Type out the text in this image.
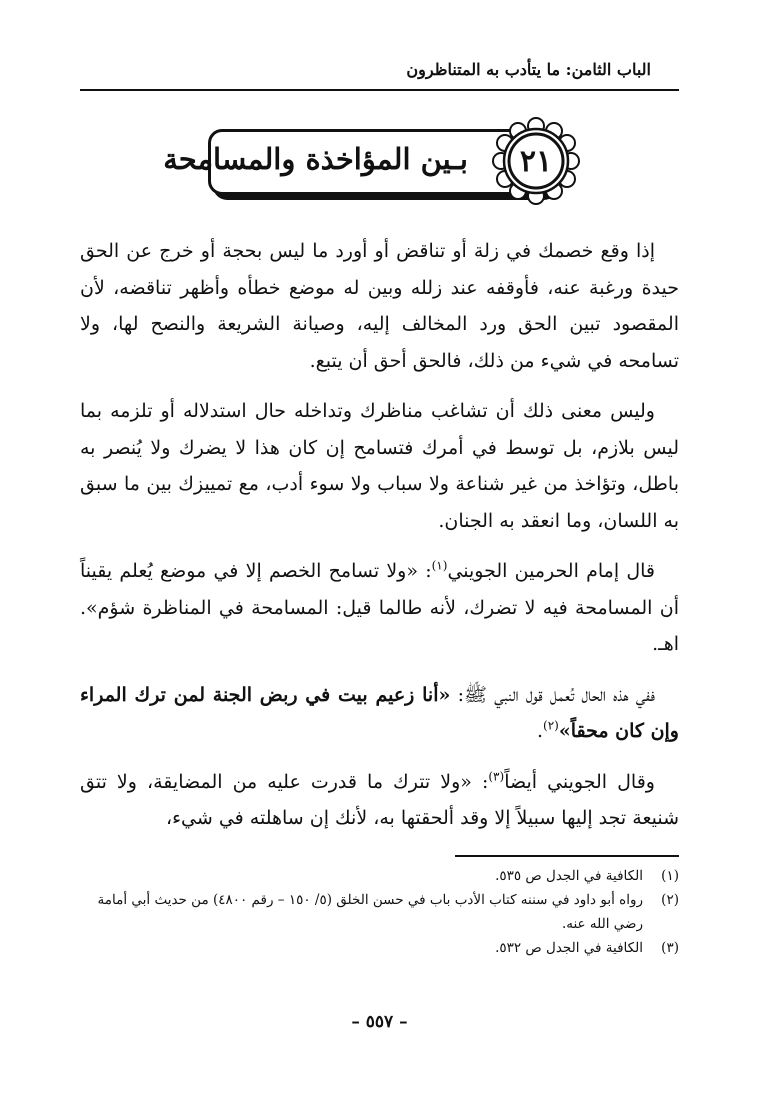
الباب الثامن: ما يتأدب به المتناظرون
بـين المؤاخذة والمسامحة	٢١

إذا وقع خصمك في زلة أو تناقض أو أورد ما ليس بحجة أو خرج عن الحق حيدة ورغبة عنه، فأوقفه عند زلله وبين له موضع خطأه وأظهر تناقضه، لأن المقصود تبين الحق ورد المخالف إليه، وصيانة الشريعة والنصح لها، ولا تسامحه في شيء من ذلك، فالحق أحق أن يتبع.

وليس معنى ذلك أن تشاغب مناظرك وتداخله حال استدلاله أو تلزمه بما ليس بلازم، بل توسط في أمرك فتسامح إن كان هذا لا يضرك ولا يُنصر به باطل، وتؤاخذ من غير شناعة ولا سباب ولا سوء أدب، مع تمييزك بين ما سبق به اللسان، وما انعقد به الجنان.

قال إمام الحرمين الجويني$^{(١)}$: «ولا تسامح الخصم إلا في موضع يُعلم يقيناً أن المسامحة فيه لا تضرك، لأنه طالما قيل: المسامحة في المناظرة شؤم». اهـ.

ففي هذه الحال تُعمل قول النبي ﷺ: «أنا زعيم بيت في ربض الجنة لمن ترك المراء وإن كان محقاً»$^{(٢)}$.

وقال الجويني أيضاً$^{(٣)}$: «ولا تترك ما قدرت عليه من المضايقة، ولا تتق شنيعة تجد إليها سبيلاً إلا وقد ألحقتها به، لأنك إن ساهلته في شيء،

(١)
الكافية في الجدل ص ٥٣٥.
(٢)
رواه أبو داود في سننه كتاب الأدب باب في حسن الخلق (٥/ ١٥٠ – رقم ٤٨٠٠) من حديث أبي أمامة رضي الله عنه.
(٣)
الكافية في الجدل ص ٥٣٢.
– ٥٥٧ –
